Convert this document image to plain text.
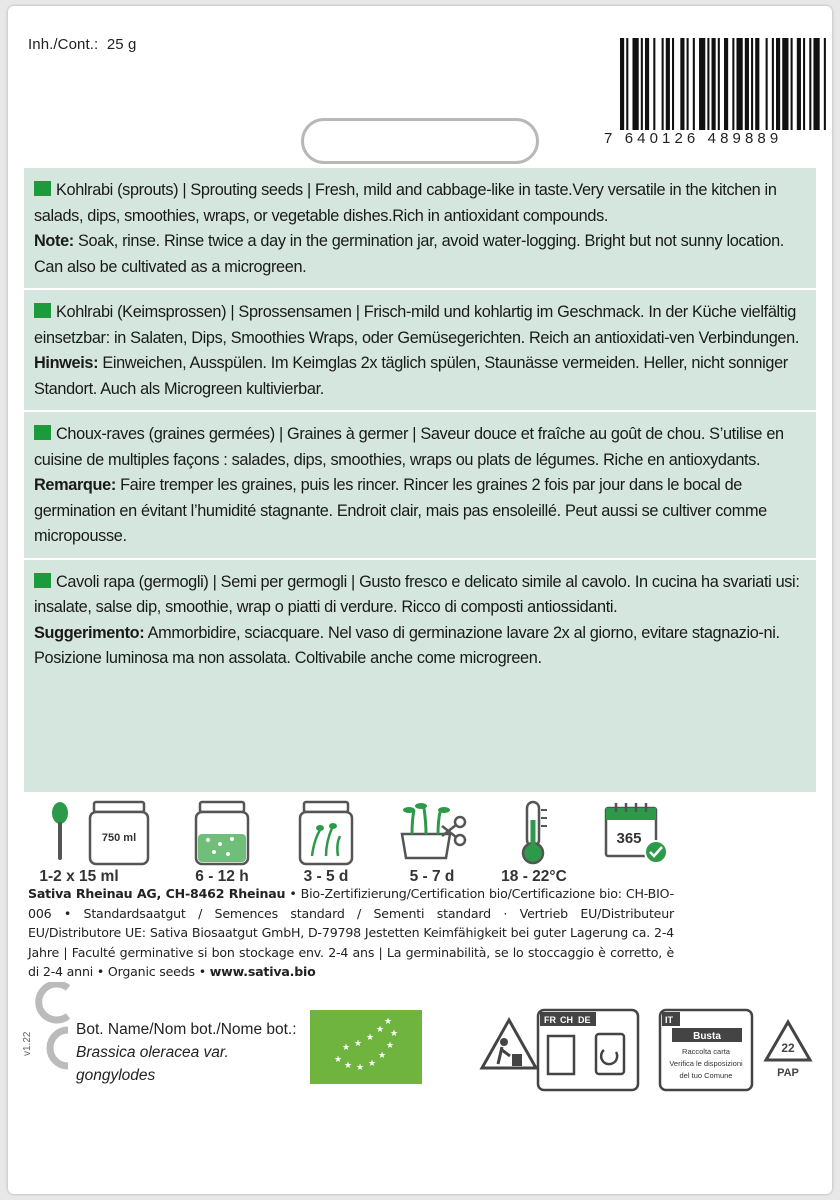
Inh./Cont.: 25 g
7 640126 489889
Kohlrabi (sprouts) | Sprouting seeds | Fresh, mild and cabbage-like in taste.Very versatile in the kitchen in salads, dips, smoothies, wraps, or vegetable dishes.Rich in antioxidant compounds.
Note: Soak, rinse. Rinse twice a day in the germination jar, avoid water-logging. Bright but not sunny location. Can also be cultivated as a microgreen.
Kohlrabi (Keimsprossen) | Sprossensamen | Frisch-mild und kohlartig im Geschmack. In der Küche vielfältig einsetzbar: in Salaten, Dips, Smoothies Wraps, oder Gemüsegerichten. Reich an antioxidati-ven Verbindungen.
Hinweis: Einweichen, Ausspülen. Im Keimglas 2x täglich spülen, Staunässe vermeiden. Heller, nicht sonniger Standort. Auch als Microgreen kultivierbar.
Choux-raves (graines germées) | Graines à germer | Saveur douce et fraîche au goût de chou. S’utilise en cuisine de multiples façons : salades, dips, smoothies, wraps ou plats de légumes. Riche en antioxydants.
Remarque: Faire tremper les graines, puis les rincer. Rincer les graines 2 fois par jour dans le bocal de germination en évitant l’humidité stagnante. Endroit clair, mais pas ensoleillé. Peut aussi se cultiver comme micropousse.
Cavoli rapa (germogli) | Semi per germogli | Gusto fresco e delicato simile al cavolo. In cucina ha svariati usi: insalate, salse dip, smoothie, wrap o piatti di verdure. Ricco di composti antiossidanti.
Suggerimento: Ammorbidire, sciacquare. Nel vaso di germinazione lavare 2x al giorno, evitare stagnazio-ni. Posizione luminosa ma non assolata. Coltivabile anche come microgreen.
750 ml	365
1-2 x 15 ml	6 - 12 h	3 - 5 d	5 - 7 d	18 - 22°C
Sativa Rheinau AG, CH-8462 Rheinau • Bio-Zertifizierung/Certification bio/Certificazione bio: CH-BIO-006 • Standardsaatgut / Semences standard / Sementi standard · Vertrieb EU/Distributeur EU/Distributore UE: Sativa Biosaatgut GmbH, D-79798 Jestetten Keimfähigkeit bei guter Lagerung ca. 2-4 Jahre | Faculté germinative si bon stockage env. 2-4 ans | La germinabilità, se lo stoccaggio è corretto, è di 2-4 anni • Organic seeds • www.sativa.bio
v1.22
Bot. Name/Nom bot./Nome bot.:
Brassica oleracea var.
gongylodes
★
★ ★ ★
★
★
★
★ ★
★
★
★	FR CH DE	IT
Busta
Raccolta carta
Verifica le disposizioni
del tuo Comune
22
PAP
